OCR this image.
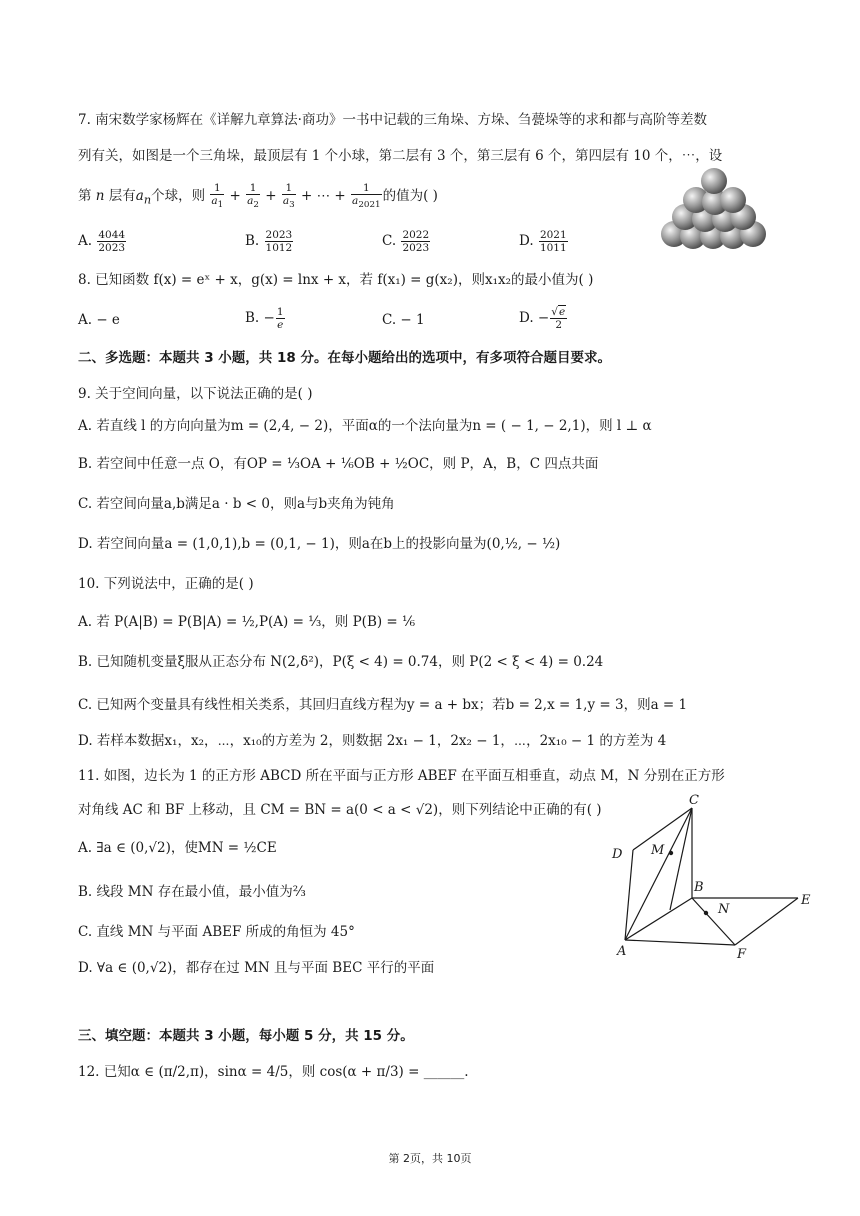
7. 南宋数学家杨辉在《详解九章算法·商功》一书中记载的三角垛、方垛、刍甍垛等的求和都与高阶等差数
列有关，如图是一个三角垛，最顶层有 1 个小球，第二层有 3 个，第三层有 6 个，第四层有 10 个，⋯，设
第 n 层有$a_n$个球，则 $\frac{1}{a_1} + \frac{1}{a_2} + \frac{1}{a_3}$ + ⋯ + $\frac{1}{a_{2021}}$ 的值为( )
A. $\frac{4044}{2023}$	B. $\frac{2023}{1012}$	C. $\frac{2022}{2023}$	D. $\frac{2021}{1011}$
8. 已知函数 f(x) = eˣ + x，g(x) = lnx + x，若 f(x₁) = g(x₂)，则x₁x₂的最小值为( )
A. − e	B. − $\frac{1}{e}$	C. − 1	D. − $\frac{√e}{2}$
二、多选题：本题共 3 小题，共 18 分。在每小题给出的选项中，有多项符合题目要求。
9. 关于空间向量，以下说法正确的是( )
A. 若直线 l 的方向向量为m = (2,4, − 2)，平面α的一个法向量为n = ( − 1, − 2,1)，则 l ⊥ α
B. 若空间中任意一点 O，有OP = ⅓OA + ⅙OB + ½OC，则 P，A，B，C 四点共面
C. 若空间向量a,b满足a · b < 0，则a与b夹角为钝角
D. 若空间向量a = (1,0,1),b = (0,1, − 1)，则a在b上的投影向量为(0,½, − ½)
10. 下列说法中，正确的是( )
A. 若 P(A|B) = P(B|A) = ½,P(A) = ⅓，则 P(B) = ⅙
B. 已知随机变量ξ服从正态分布 N(2,δ²)，P(ξ < 4) = 0.74，则 P(2 < ξ < 4) = 0.24
C. 已知两个变量具有线性相关类系，其回归直线方程为y = a + bx；若b = 2,x = 1,y = 3，则a = 1
D. 若样本数据x₁，x₂，⋯，x₁₀的方差为 2，则数据 2x₁ − 1，2x₂ − 1，⋯，2x₁₀ − 1 的方差为 4
11. 如图，边长为 1 的正方形 ABCD 所在平面与正方形 ABEF 在平面互相垂直，动点 M，N 分别在正方形
对角线 AC 和 BF 上移动，且 CM = BN = a(0 < a < √2)，则下列结论中正确的有( )
A. ∃a ∈ (0,√2)，使MN = ½CE
B. 线段 MN 存在最小值，最小值为⅔
C. 直线 MN 与平面 ABEF 所成的角恒为 45°
D. ∀a ∈ (0,√2)，都存在过 MN 且与平面 BEC 平行的平面
C
D M
B
N
E
A	F
三、填空题：本题共 3 小题，每小题 5 分，共 15 分。
12. 已知α ∈ (π/2,π)，sinα = 4/5，则 cos(α + π/3) = ______.
第 2页，共 10页
